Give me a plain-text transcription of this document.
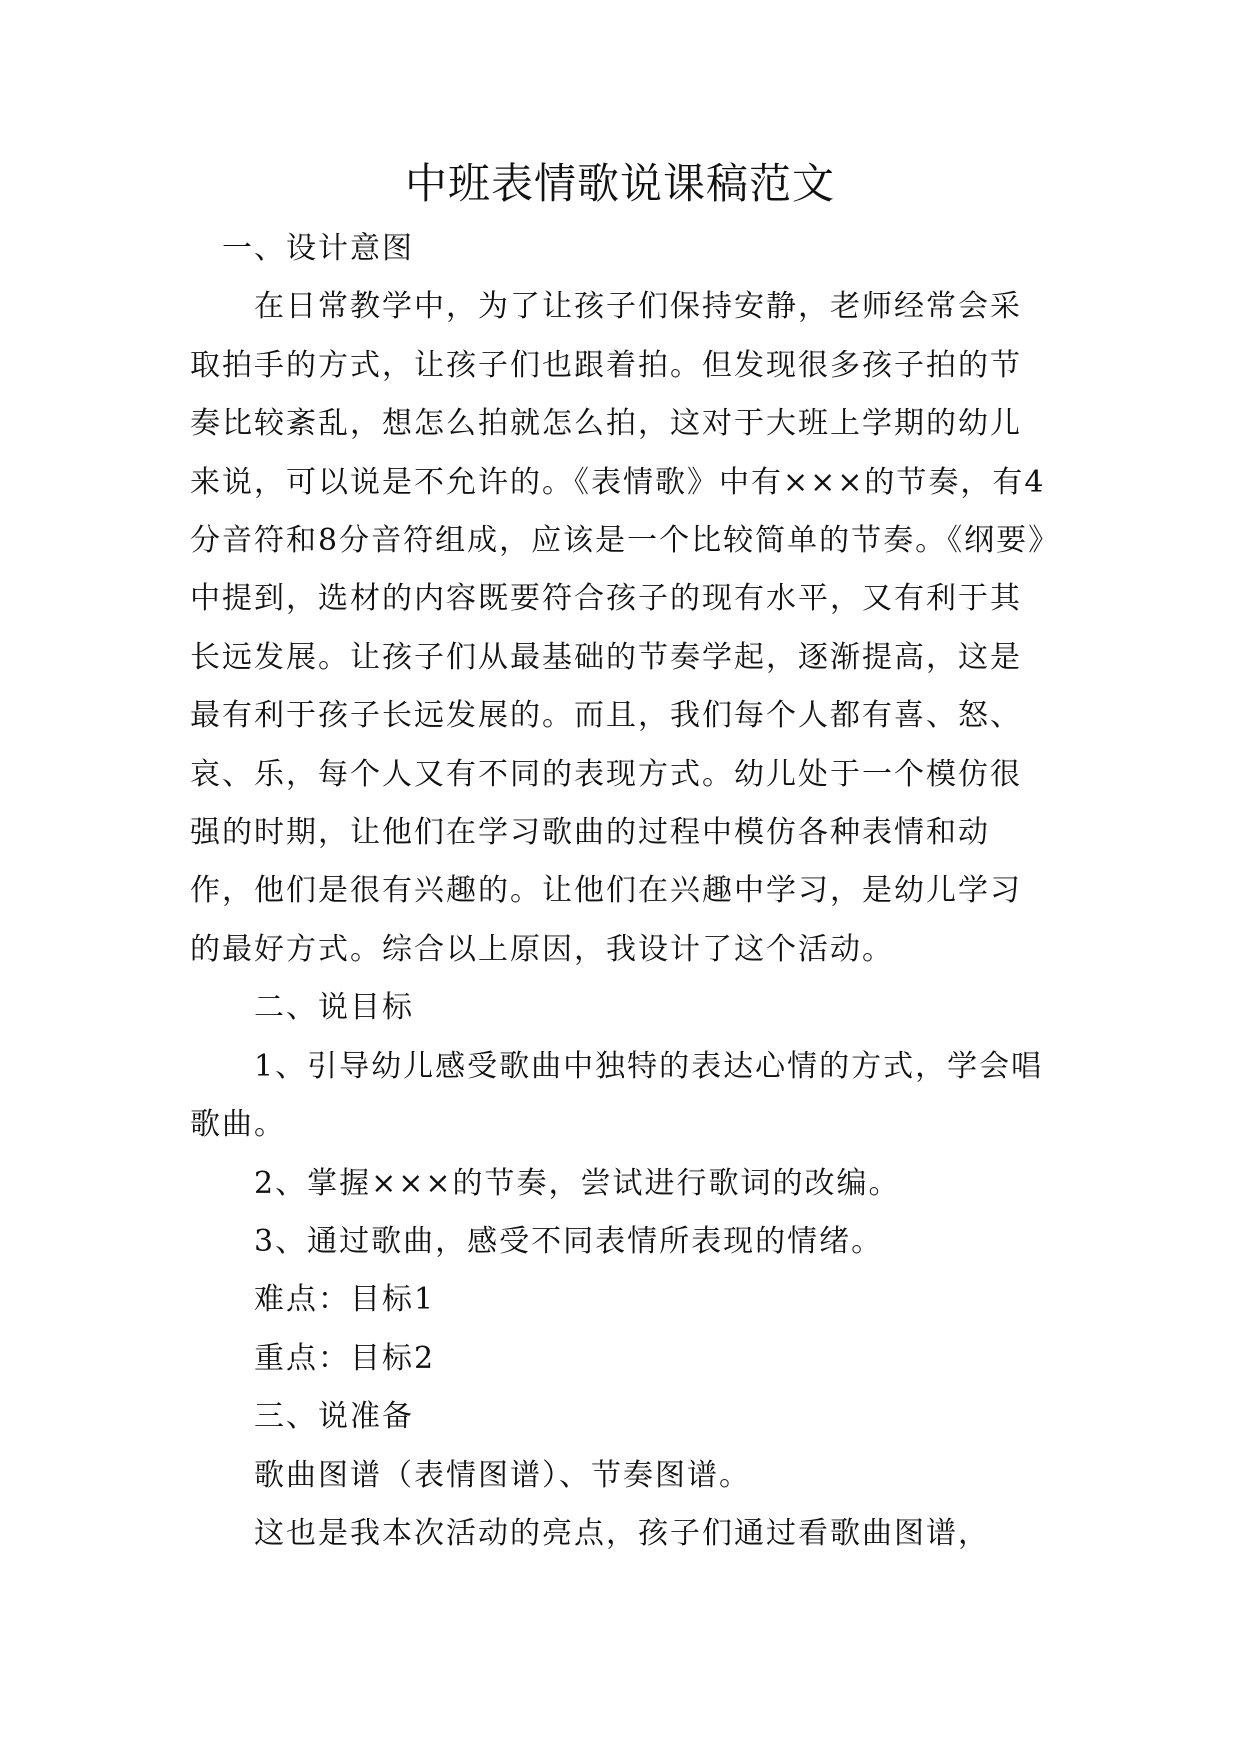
中班表情歌说课稿范文

一、设计意图

在日常教学中，为了让孩子们保持安静，老师经常会采取拍手的方式，让孩子们也跟着拍。但发现很多孩子拍的节奏比较紊乱，想怎么拍就怎么拍，这对于大班上学期的幼儿来说，可以说是不允许的。《表情歌》中有×××的节奏，有4分音符和8分音符组成，应该是一个比较简单的节奏。《纲要》中提到，选材的内容既要符合孩子的现有水平，又有利于其长远发展。让孩子们从最基础的节奏学起，逐渐提高，这是最有利于孩子长远发展的。而且，我们每个人都有喜、怒、哀、乐，每个人又有不同的表现方式。幼儿处于一个模仿很强的时期，让他们在学习歌曲的过程中模仿各种表情和动作，他们是很有兴趣的。让他们在兴趣中学习，是幼儿学习的最好方式。综合以上原因，我设计了这个活动。

二、说目标

1、引导幼儿感受歌曲中独特的表达心情的方式，学会唱歌曲。

2、掌握×××的节奏，尝试进行歌词的改编。

3、通过歌曲，感受不同表情所表现的情绪。

难点：目标1

重点：目标2

三、说准备

歌曲图谱（表情图谱）、节奏图谱。

这也是我本次活动的亮点，孩子们通过看歌曲图谱，
